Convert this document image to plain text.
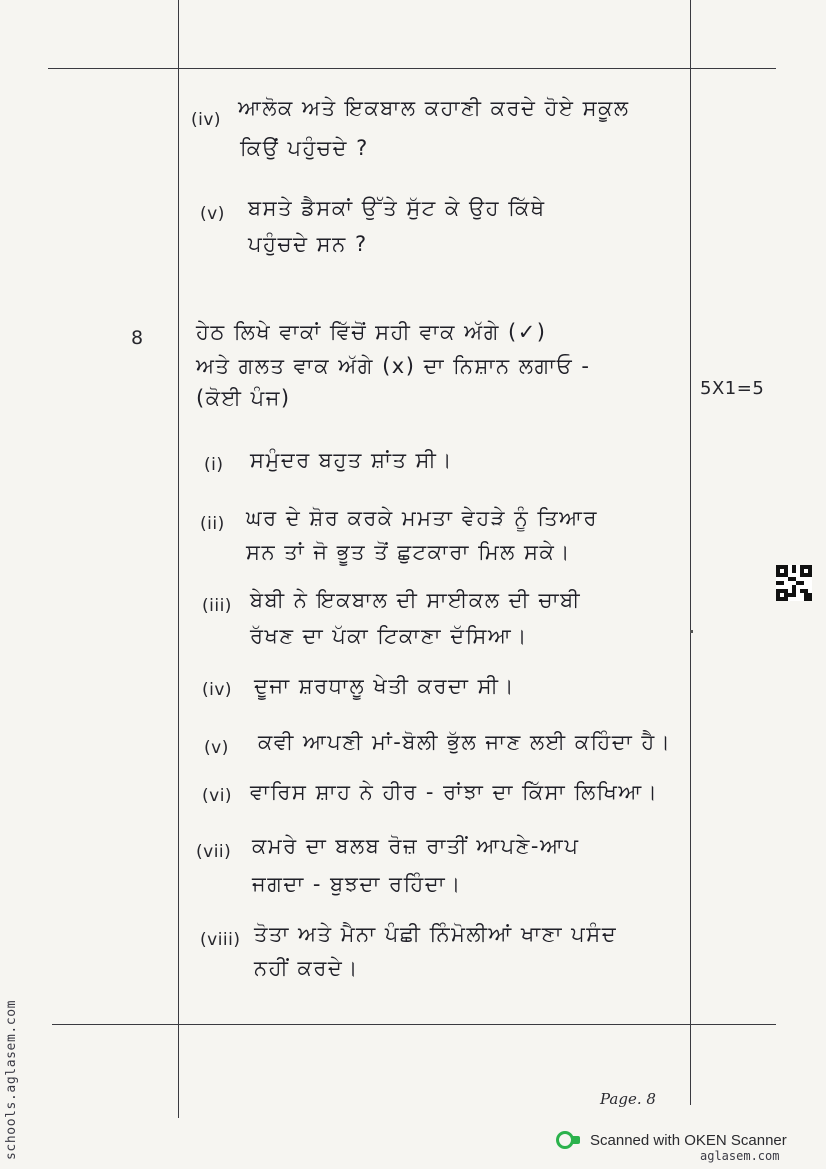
(iv) ਆਲੋਕ ਅਤੇ ਇਕਬਾਲ ਕਹਾਣੀ ਕਰਦੇ ਹੋਏ ਸਕੂਲ
ਕਿਉਂ ਪਹੁੰਚਦੇ ?
(v) ਬਸਤੇ ਡੈਸਕਾਂ ਉੱਤੇ ਸੁੱਟ ਕੇ ਉਹ ਕਿੱਥੇ
ਪਹੁੰਚਦੇ ਸਨ ?
8	ਹੇਠ ਲਿਖੇ ਵਾਕਾਂ ਵਿੱਚੋਂ ਸਹੀ ਵਾਕ ਅੱਗੇ (✓)
ਅਤੇ ਗਲਤ ਵਾਕ ਅੱਗੇ (x) ਦਾ ਨਿਸ਼ਾਨ ਲਗਾਓ -
(ਕੋਈ ਪੰਜ)	5X1=5
(i) ਸਮੁੰਦਰ ਬਹੁਤ ਸ਼ਾਂਤ ਸੀ।
(ii) ਘਰ ਦੇ ਸ਼ੋਰ ਕਰਕੇ ਮਮਤਾ ਵੇਹੜੇ ਨੂੰ ਤਿਆਰ
ਸਨ ਤਾਂ ਜੋ ਭੂਤ ਤੋਂ ਛੁਟਕਾਰਾ ਮਿਲ ਸਕੇ।
(iii) ਬੇਬੀ ਨੇ ਇਕਬਾਲ ਦੀ ਸਾਈਕਲ ਦੀ ਚਾਬੀ
ਰੱਖਣ ਦਾ ਪੱਕਾ ਟਿਕਾਣਾ ਦੱਸਿਆ।
(iv) ਦੂਜਾ ਸ਼ਰਧਾਲੂ ਖੇਤੀ ਕਰਦਾ ਸੀ।
(v) ਕਵੀ ਆਪਣੀ ਮਾਂ-ਬੋਲੀ ਭੁੱਲ ਜਾਣ ਲਈ ਕਹਿੰਦਾ ਹੈ।
(vi) ਵਾਰਿਸ ਸ਼ਾਹ ਨੇ ਹੀਰ - ਰਾਂਝਾ ਦਾ ਕਿੱਸਾ ਲਿਖਿਆ।
(vii) ਕਮਰੇ ਦਾ ਬਲਬ ਰੋਜ਼ ਰਾਤੀਂ ਆਪਣੇ-ਆਪ
ਜਗਦਾ - ਬੁਝਦਾ ਰਹਿੰਦਾ।
(viii) ਤੋਤਾ ਅਤੇ ਮੈਨਾ ਪੰਛੀ ਨਿੰਮੋਲੀਆਂ ਖਾਣਾ ਪਸੰਦ
ਨਹੀਂ ਕਰਦੇ।
Page. 8
Scanned with OKEN Scanner
aglasem.com
schools.aglasem.com
